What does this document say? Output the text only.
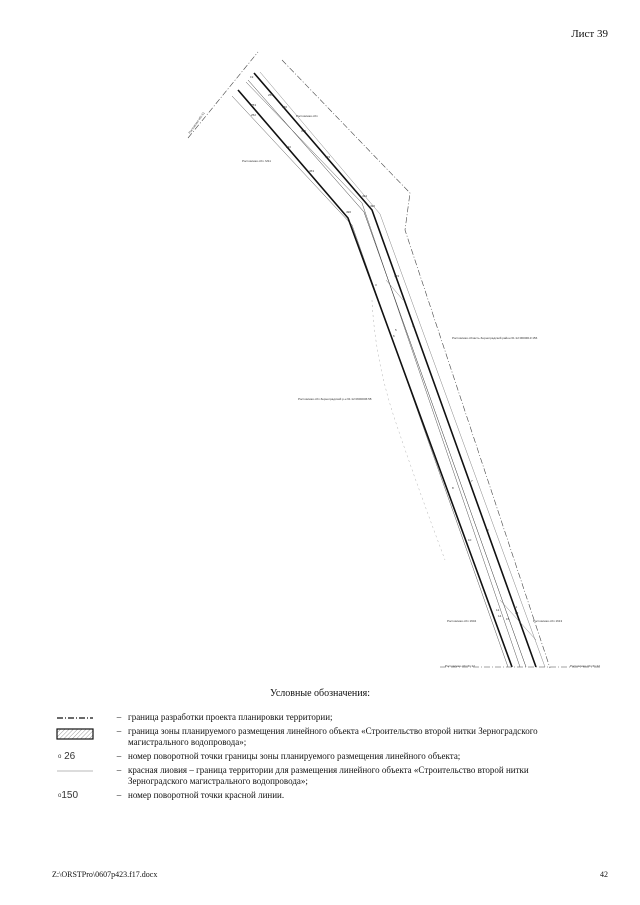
Лист 39
Ростовская обл
Ростовская обл. М11
Ростовская область Зерноградский район 61:12:0600013:156
Ростовская обл Зерноградский р-н 61:12:0600006:58
Ростовская обл 1604	Ростовская обл 1613
Ростовская обл 61:12	Ростовская обл 61:12
Ростовская обл 61
19
253
254
252
350
395
840
493
453
494
490
496
493
3
4
5
6
7
8
9
10
11
12
13
14
15
Условные обозначения:
– граница разработки проекта планировки территории;
– граница зоны планируемого размещения линейного объекта «Строительство второй нитки Зерноградского магистрального водопровода»;
o 26	– номер поворотной точки границы зоны планируемого размещения линейного объекта;
– красная лиовия – граница территории для размещения линейного объекта «Строительство второй нитки Зерноградского магистрального водопровода»;
o150	– номер поворотной точки красной линии.
Z:\ORSTPro\0607p423.f17.docx	42
